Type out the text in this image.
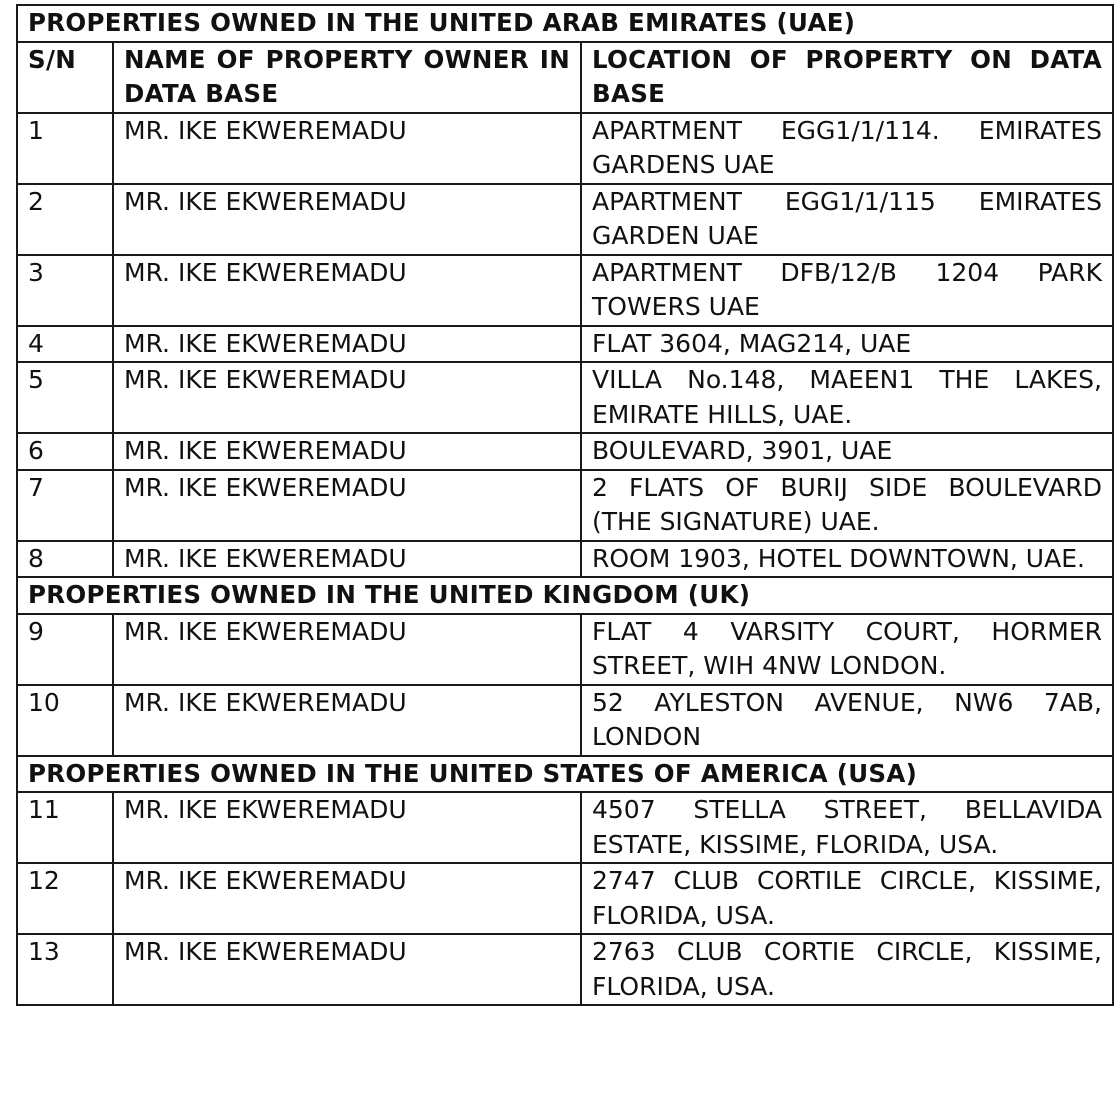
PROPERTIES OWNED IN THE UNITED ARAB EMIRATES (UAE)		
S/N	NAME OF PROPERTY OWNER IN DATA BASE	LOCATION OF PROPERTY ON DATA BASE
1	MR. IKE EKWEREMADU	APARTMENT EGG1/1/114. EMIRATES GARDENS UAE
2	MR. IKE EKWEREMADU	APARTMENT EGG1/1/115 EMIRATES GARDEN UAE
3	MR. IKE EKWEREMADU	APARTMENT DFB/12/B 1204 PARK TOWERS UAE
4	MR. IKE EKWEREMADU	FLAT 3604, MAG214, UAE
5	MR. IKE EKWEREMADU	VILLA No.148, MAEEN1 THE LAKES, EMIRATE HILLS, UAE.
6	MR. IKE EKWEREMADU	BOULEVARD, 3901, UAE
7	MR. IKE EKWEREMADU	2 FLATS OF BURIJ SIDE BOULEVARD (THE SIGNATURE) UAE.
8	MR. IKE EKWEREMADU	ROOM 1903, HOTEL DOWNTOWN, UAE.
PROPERTIES OWNED IN THE UNITED KINGDOM (UK)		
9	MR. IKE EKWEREMADU	FLAT 4 VARSITY COURT, HORMER STREET, WIH 4NW LONDON.
10	MR. IKE EKWEREMADU	52 AYLESTON AVENUE, NW6 7AB, LONDON
PROPERTIES OWNED IN THE UNITED STATES OF AMERICA (USA)		
11	MR. IKE EKWEREMADU	4507 STELLA STREET, BELLAVIDA ESTATE, KISSIME, FLORIDA, USA.
12	MR. IKE EKWEREMADU	2747 CLUB CORTILE CIRCLE, KISSIME, FLORIDA, USA.
13	MR. IKE EKWEREMADU	2763 CLUB CORTIE CIRCLE, KISSIME, FLORIDA, USA.
